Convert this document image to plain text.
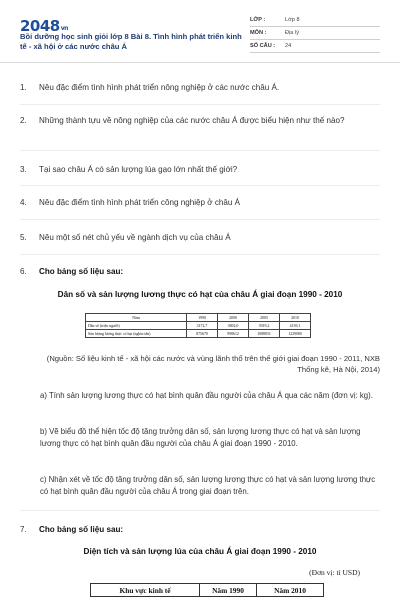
2048vn
Bồi dưỡng học sinh giỏi lớp 8 Bài 8. Tình hình phát triển kinh tế - xã hội ở các nước châu Á
LỚP :	Lớp 8
MÔN :	Địa lý
SỐ CÂU :	24
1. Nêu đặc điểm tình hình phát triển nông nghiệp ở các nước châu Á.
2. Những thành tựu về nông nghiệp của các nước châu Á được biểu hiện như thế nào?
3. Tại sao châu Á có sản lượng lúa gạo lớn nhất thế giới?
4. Nêu đặc điểm tình hình phát triển công nghiệp ở châu Á
5. Nêu một số nét chủ yếu về ngành dịch vụ của châu Á
6. Cho bảng số liệu sau:
Dân số và sản lượng lương thực có hạt của châu Á giai đoạn 1990 - 2010
Năm	1990	2000	2005	2010
Dân số (triệu người)	3172,7	3692,0	3919,2	4139,1
Sản lượng lương thực có hạt (nghìn tấn)	875670	998612	1088831	1229080
(Nguồn: Số liệu kinh tế - xã hội các nước và vùng lãnh thổ trên thế giới giai đoạn 1990 - 2011, NXB Thống kê, Hà Nội, 2014)
a) Tính sản lượng lương thực có hạt bình quân đầu người của châu Á qua các năm (đơn vị: kg).
b) Vẽ biểu đồ thể hiện tốc độ tăng trưởng dân số, sản lượng lương thực có hạt và sản lượng lương thực có hạt bình quân đầu người của châu Á giai đoạn 1990 - 2010.
c) Nhận xét về tốc độ tăng trưởng dân số, sản lượng lương thực có hạt và sản lượng lương thực có hạt bình quân đầu người của châu Á trong giai đoạn trên.
7. Cho bảng số liệu sau:
Diện tích và sản lượng lúa của châu Á giai đoạn 1990 - 2010
(Đơn vị: tỉ USD)
Khu vực kinh tế	Năm 1990	Năm 2010
